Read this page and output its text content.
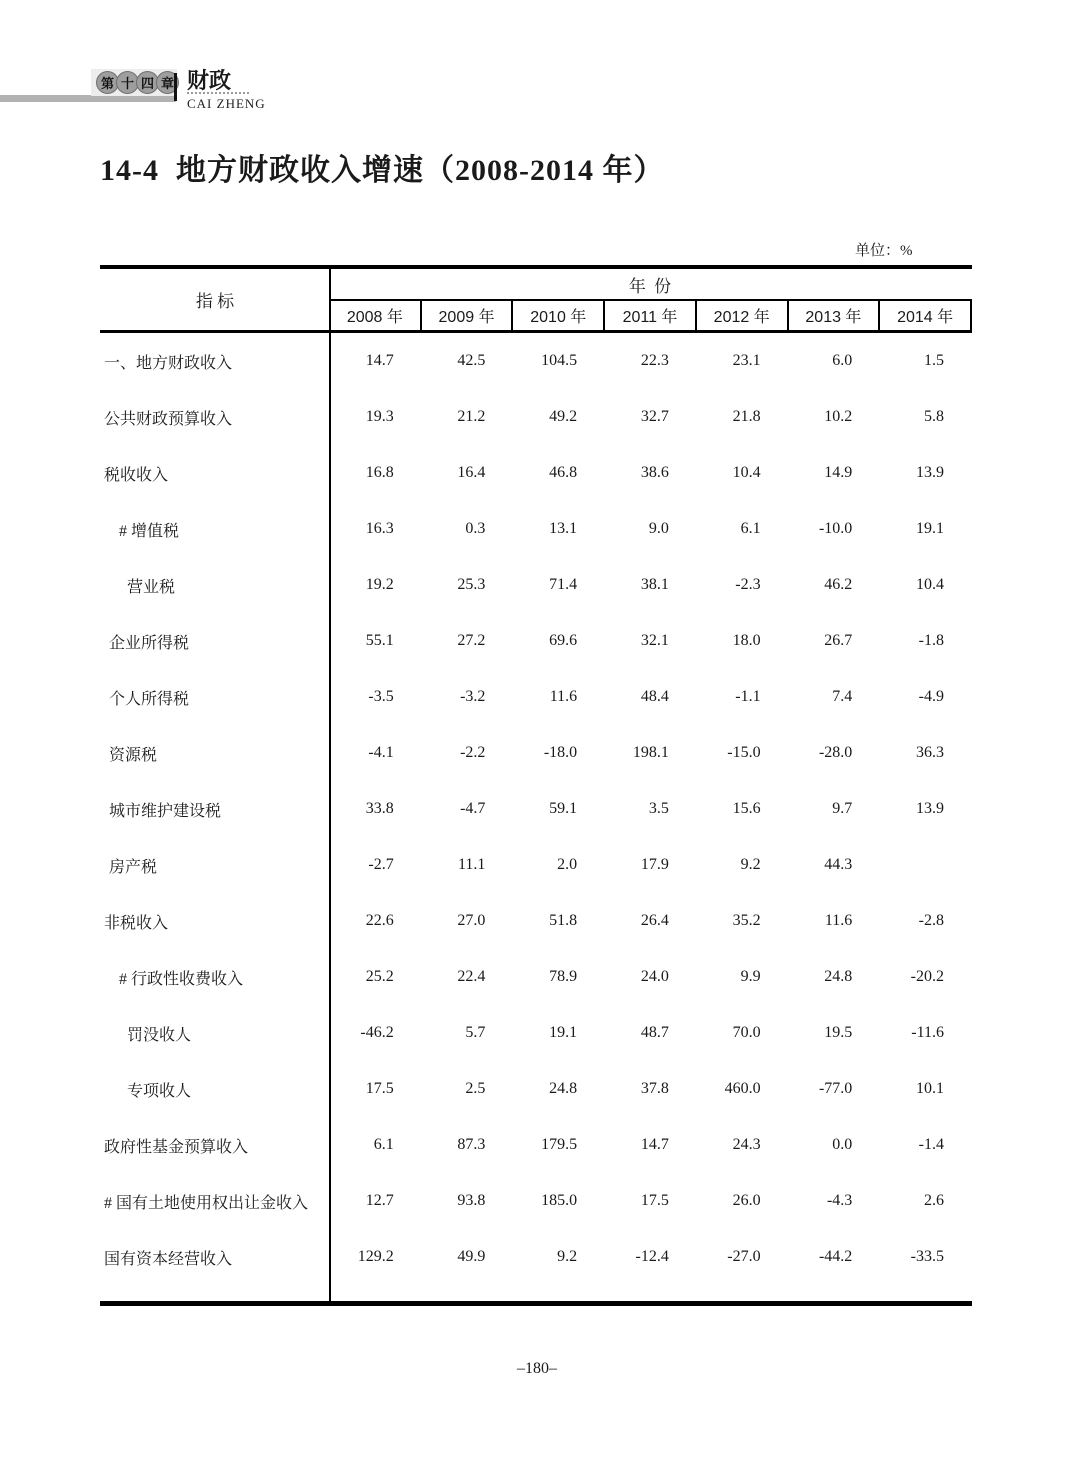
第 十 四 章 财政
CAI ZHENG
14-4  地方财政收入增速（2008-2014 年）
单位：%
指 标
年 份
2008 年	2009 年	2010 年	2011 年	2012 年	2013 年	2014 年
一、地方财政收入	14.7	42.5	104.5	22.3	23.1	6.0	1.5
公共财政预算收入	19.3	21.2	49.2	32.7	21.8	10.2	5.8
税收收入	16.8	16.4	46.8	38.6	10.4	14.9	13.9
# 增值税	16.3	0.3	13.1	9.0	6.1	-10.0	19.1
营业税	19.2	25.3	71.4	38.1	-2.3	46.2	10.4
企业所得税	55.1	27.2	69.6	32.1	18.0	26.7	-1.8
个人所得税	-3.5	-3.2	11.6	48.4	-1.1	7.4	-4.9
资源税	-4.1	-2.2	-18.0	198.1	-15.0	-28.0	36.3
城市维护建设税	33.8	-4.7	59.1	3.5	15.6	9.7	13.9
房产税	-2.7	11.1	2.0	17.9	9.2	44.3
非税收入	22.6	27.0	51.8	26.4	35.2	11.6	-2.8
# 行政性收费收入	25.2	22.4	78.9	24.0	9.9	24.8	-20.2
罚没收人	-46.2	5.7	19.1	48.7	70.0	19.5	-11.6
专项收人	17.5	2.5	24.8	37.8	460.0	-77.0	10.1
政府性基金预算收入	6.1	87.3	179.5	14.7	24.3	0.0	-1.4
# 国有土地使用权出让金收入	12.7	93.8	185.0	17.5	26.0	-4.3	2.6
国有资本经营收入	129.2	49.9	9.2	-12.4	-27.0	-44.2	-33.5
–180–
